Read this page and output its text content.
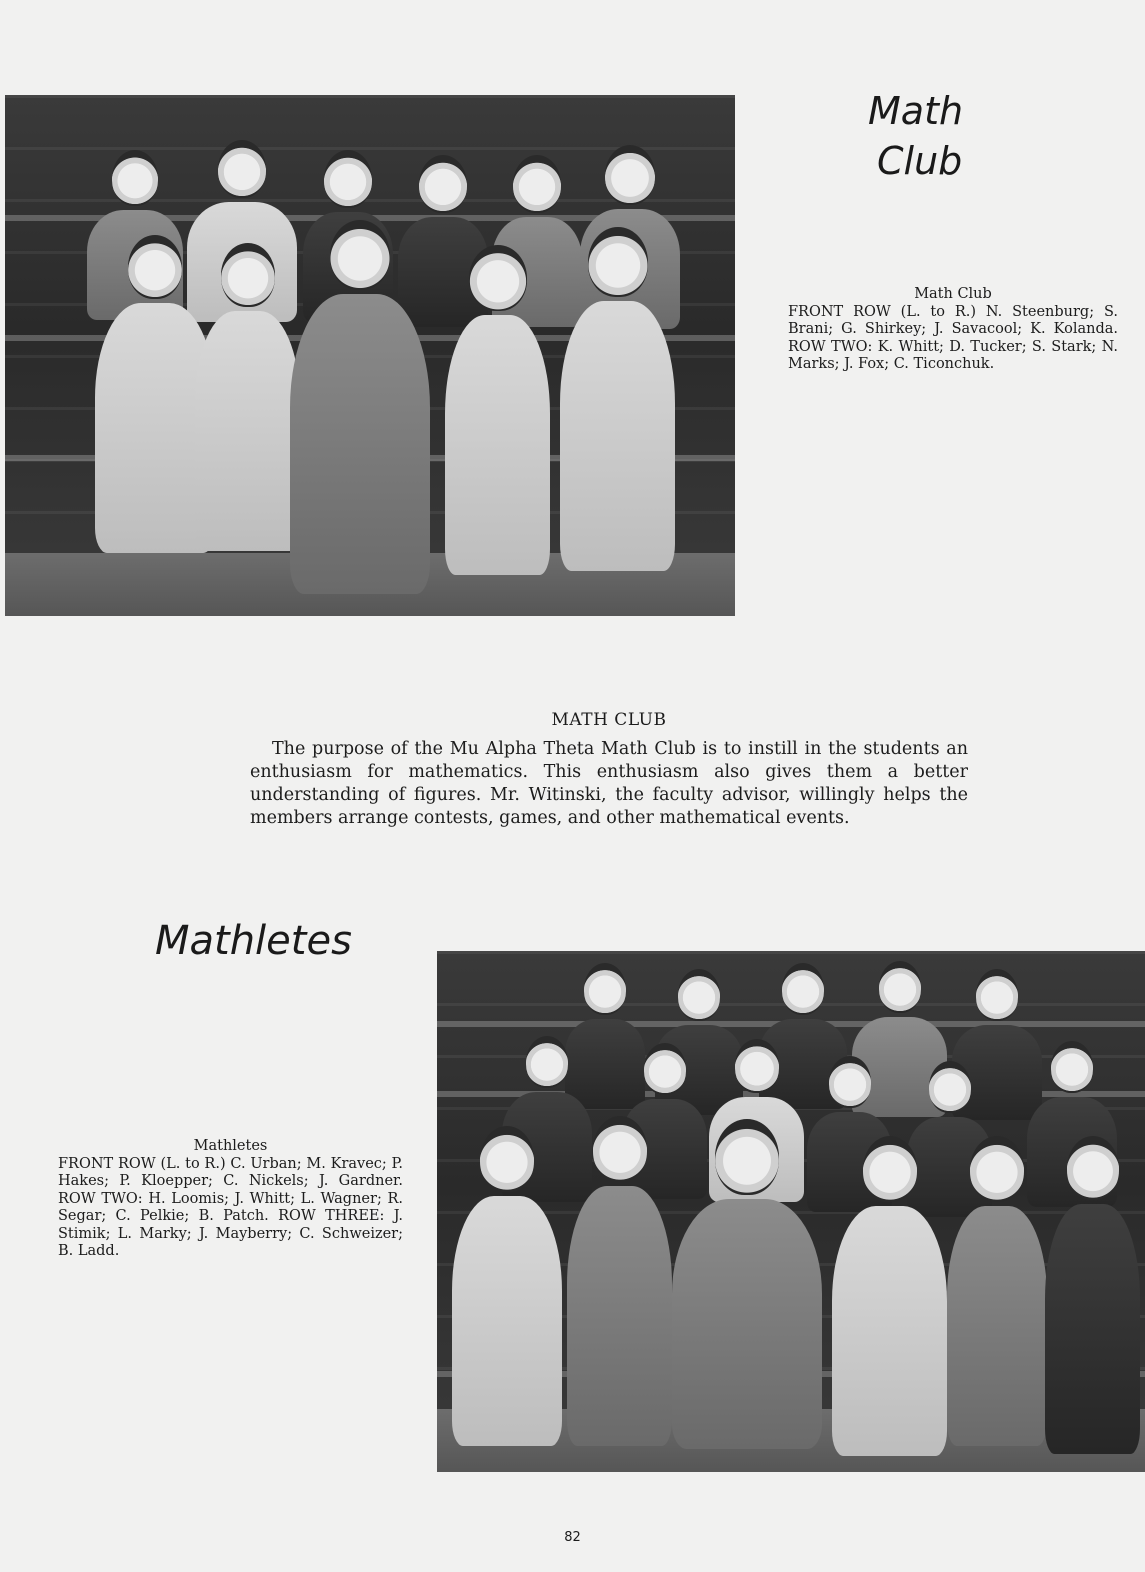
Math
Club
Math Club
FRONT ROW (L. to R.) N. Steenburg; S. Brani; G. Shirkey; J. Savacool; K. Kolanda. ROW TWO: K. Whitt; D. Tucker; S. Stark; N. Marks; J. Fox; C. Ticonchuk.
MATH CLUB

The purpose of the Mu Alpha Theta Math Club is to instill in the students an enthusiasm for mathematics. This enthusiasm also gives them a better understanding of figures. Mr. Witinski, the faculty advisor, willingly helps the members arrange contests, games, and other mathematical events.

Mathletes
Mathletes
FRONT ROW (L. to R.) C. Urban; M. Kravec; P. Hakes; P. Kloepper; C. Nickels; J. Gardner. ROW TWO: H. Loomis; J. Whitt; L. Wagner; R. Segar; C. Pelkie; B. Patch. ROW THREE: J. Stimik; L. Marky; J. Mayberry; C. Schweizer; B. Ladd.
82
